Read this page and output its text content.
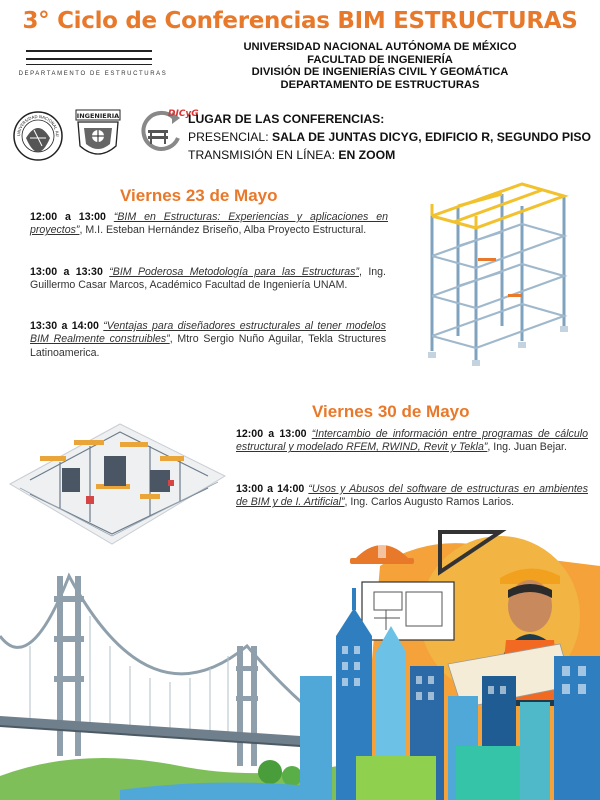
3° Ciclo de Conferencias BIM ESTRUCTURAS
DEPARTAMENTO DE ESTRUCTURAS
UNIVERSIDAD NACIONAL AUTÓNOMA DE MÉXICO
FACULTAD DE INGENIERÍA
DIVISIÓN DE INGENIERÍAS CIVIL Y GEOMÁTICA
DEPARTAMENTO DE ESTRUCTURAS
UNIVERSIDAD NACIONAL AU
INGENIERIA	DICyG
LUGAR DE LAS CONFERENCIAS:
PRESENCIAL: SALA DE JUNTAS DICYG, EDIFICIO R, SEGUNDO PISO
TRANSMISIÓN EN LÍNEA: EN ZOOM
Viernes 23 de Mayo
12:00 a 13:00 “BIM en Estructuras: Experiencias y aplicaciones en proyectos”, M.I. Esteban Hernández Briseño, Alba Proyecto Estructural.
13:00 a 13:30 “BIM Poderosa Metodología para las Estructuras”, Ing. Guillermo Casar Marcos, Académico Facultad de Ingeniería UNAM.
13:30 a 14:00 “Ventajas para diseñadores estructurales al tener modelos BIM Realmente construibles”, Mtro Sergio Nuño Aguilar, Tekla Structures Latinoamerica.
Viernes 30 de Mayo
12:00 a 13:00 “Intercambio de información entre programas de cálculo estructural y modelado RFEM, RWIND, Revit y Tekla”, Ing. Juan Bejar.
13:00 a 14:00 “Usos y Abusos del software de estructuras en ambientes de BIM y de I. Artificial”, Ing. Carlos Augusto Ramos Larios.
